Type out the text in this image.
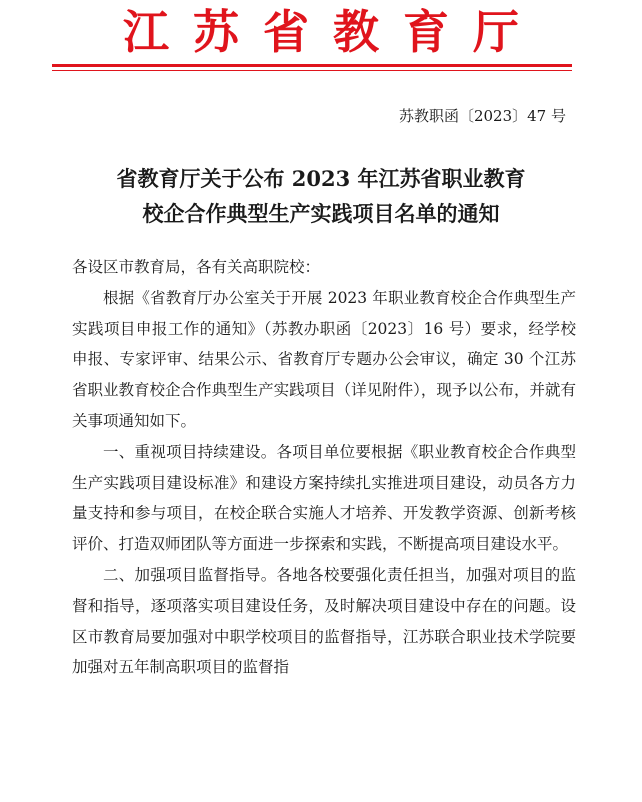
江苏省教育厅
苏教职函〔2023〕47 号
省教育厅关于公布 2023 年江苏省职业教育
校企合作典型生产实践项目名单的通知

各设区市教育局，各有关高职院校：

根据《省教育厅办公室关于开展 2023 年职业教育校企合作典型生产实践项目申报工作的通知》（苏教办职函〔2023〕16 号）要求，经学校申报、专家评审、结果公示、省教育厅专题办公会审议，确定 30 个江苏省职业教育校企合作典型生产实践项目（详见附件），现予以公布，并就有关事项通知如下。

一、重视项目持续建设。各项目单位要根据《职业教育校企合作典型生产实践项目建设标准》和建设方案持续扎实推进项目建设，动员各方力量支持和参与项目，在校企联合实施人才培养、开发教学资源、创新考核评价、打造双师团队等方面进一步探索和实践，不断提高项目建设水平。

二、加强项目监督指导。各地各校要强化责任担当，加强对项目的监督和指导，逐项落实项目建设任务，及时解决项目建设中存在的问题。设区市教育局要加强对中职学校项目的监督指导，江苏联合职业技术学院要加强对五年制高职项目的监督指
